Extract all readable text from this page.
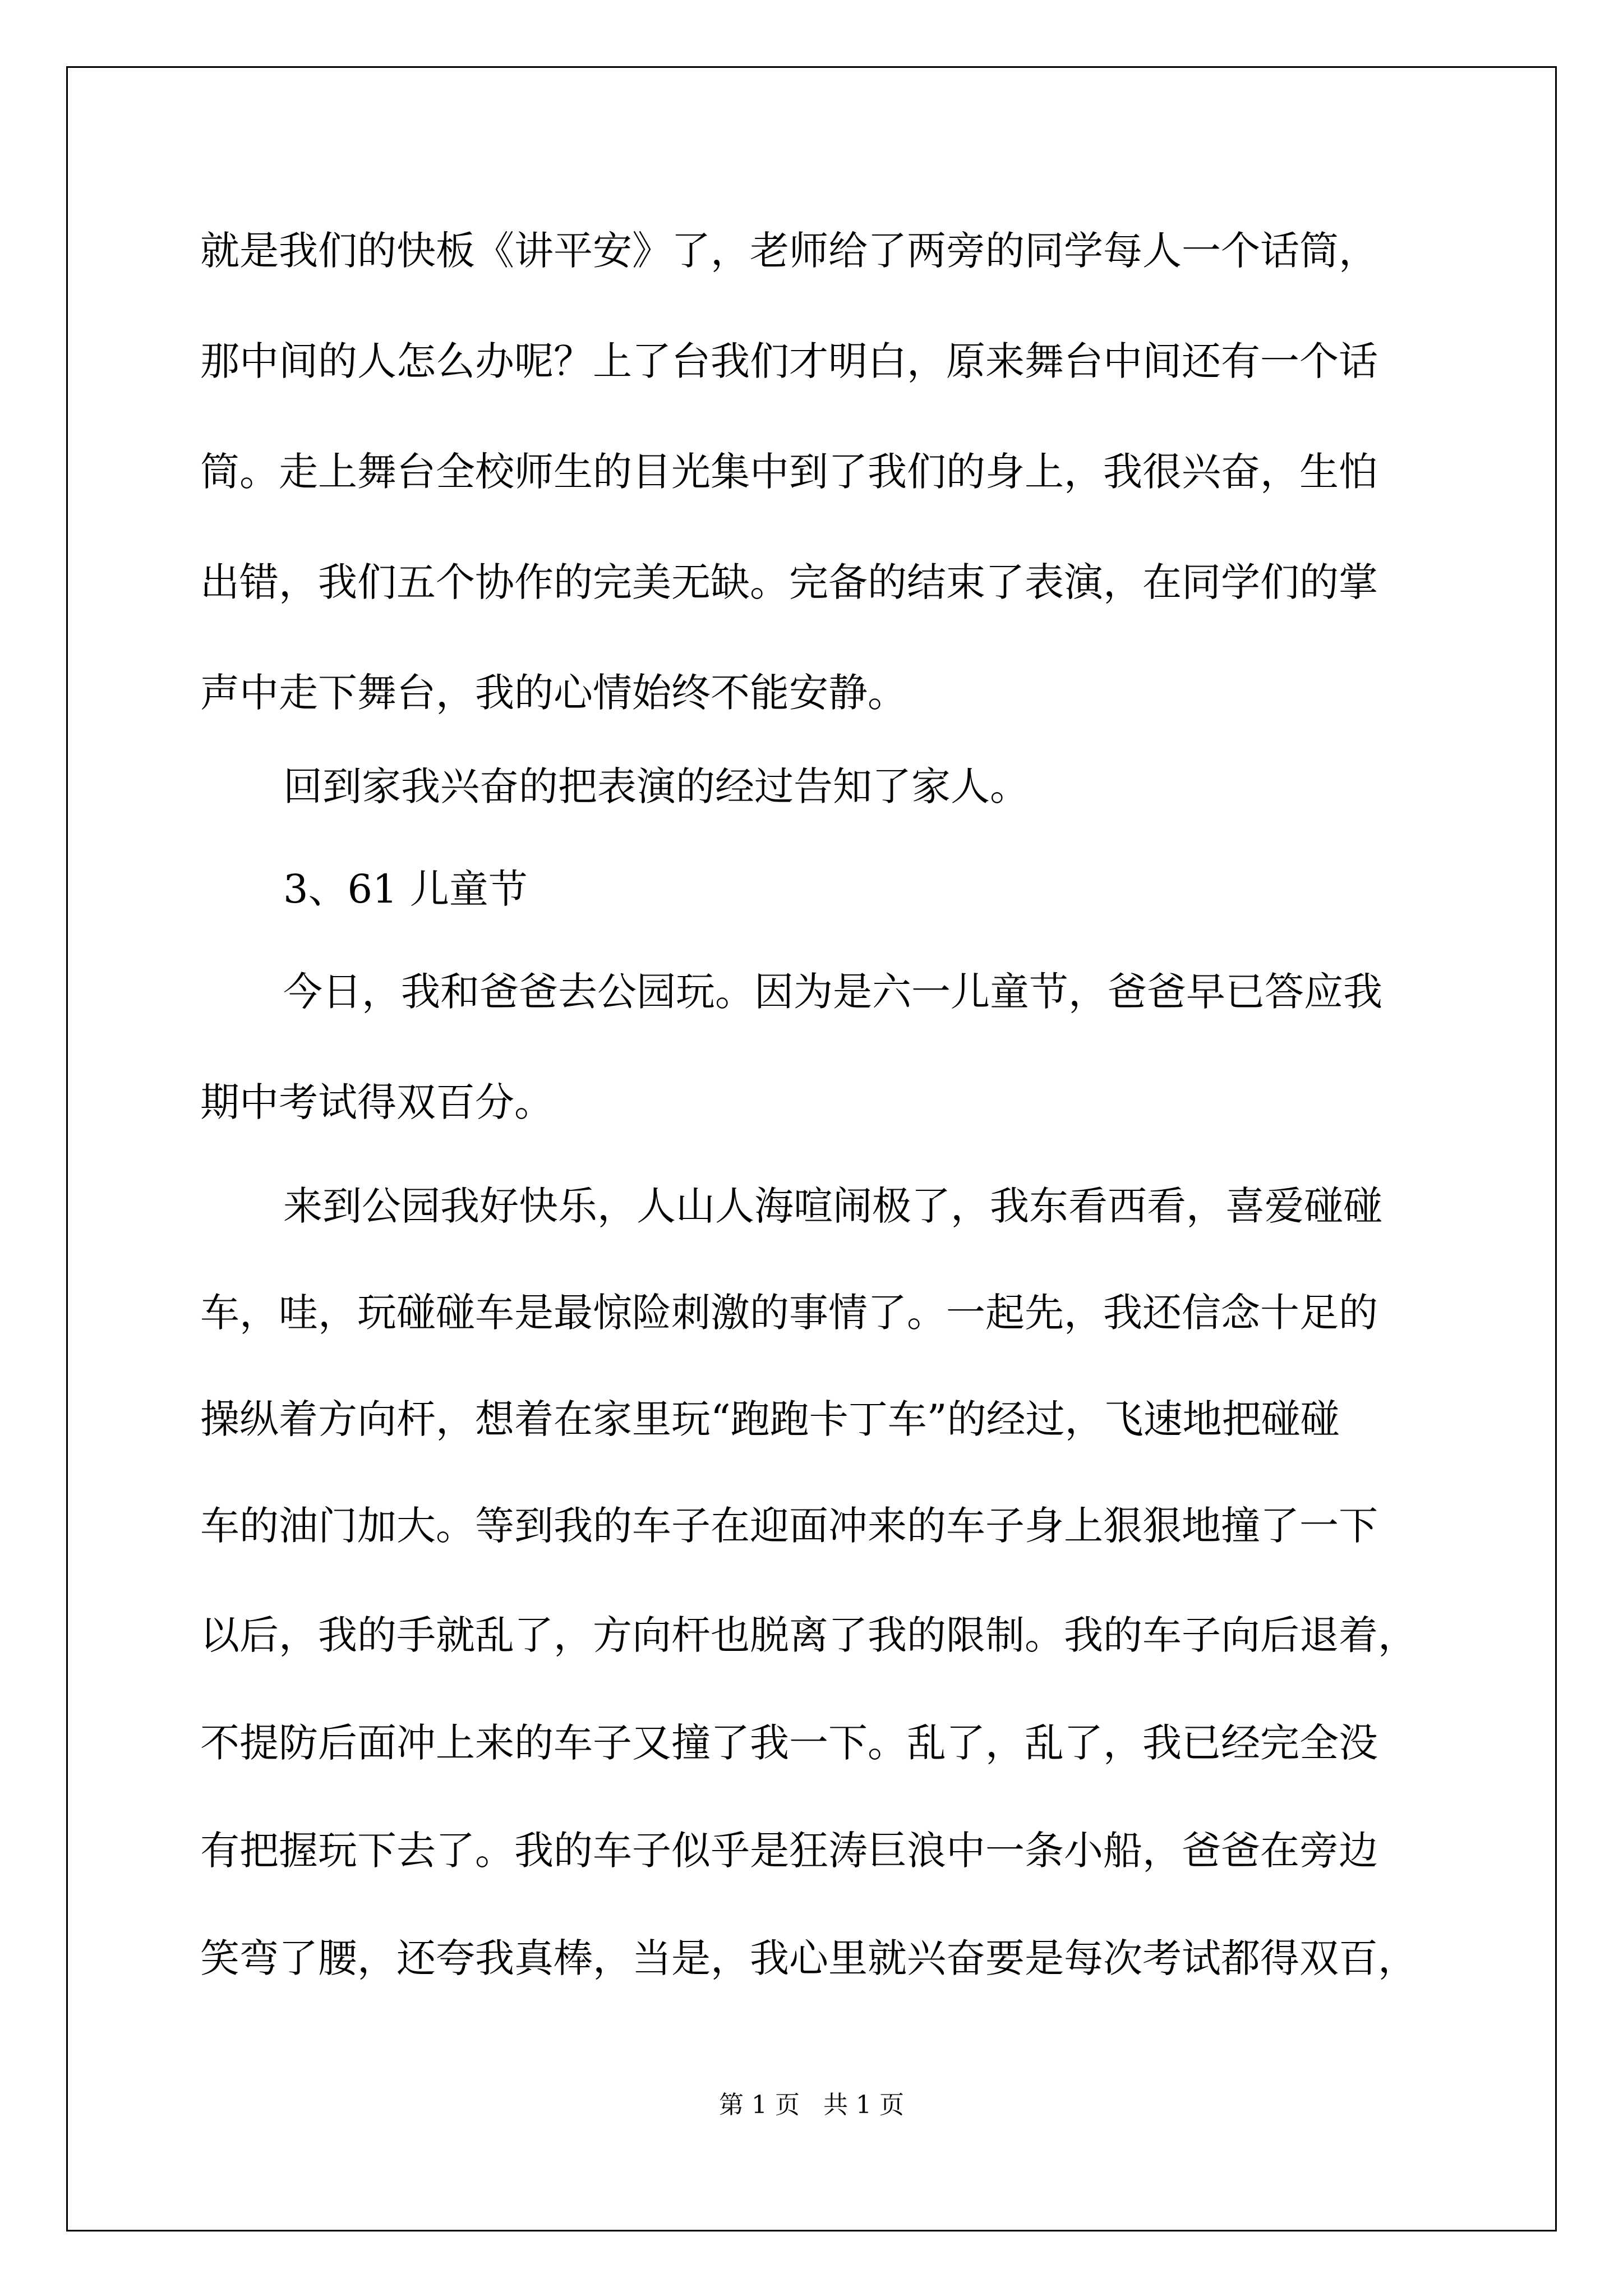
就是我们的快板《讲平安》了，老师给了两旁的同学每人一个话筒，
那中间的人怎么办呢？上了台我们才明白，原来舞台中间还有一个话
筒。走上舞台全校师生的目光集中到了我们的身上，我很兴奋，生怕
出错，我们五个协作的完美无缺。完备的结束了表演，在同学们的掌
声中走下舞台，我的心情始终不能安静。
回到家我兴奋的把表演的经过告知了家人。
3、61 儿童节
今日，我和爸爸去公园玩。因为是六一儿童节，爸爸早已答应我
期中考试得双百分。
来到公园我好快乐，人山人海喧闹极了，我东看西看，喜爱碰碰
车，哇，玩碰碰车是最惊险刺激的事情了。一起先，我还信念十足的
操纵着方向杆，想着在家里玩“跑跑卡丁车”的经过，飞速地把碰碰
车的油门加大。等到我的车子在迎面冲来的车子身上狠狠地撞了一下
以后，我的手就乱了，方向杆也脱离了我的限制。我的车子向后退着，
不提防后面冲上来的车子又撞了我一下。乱了，乱了，我已经完全没
有把握玩下去了。我的车子似乎是狂涛巨浪中一条小船，爸爸在旁边
笑弯了腰，还夸我真棒，当是，我心里就兴奋要是每次考试都得双百，
第 1 页   共 1 页
